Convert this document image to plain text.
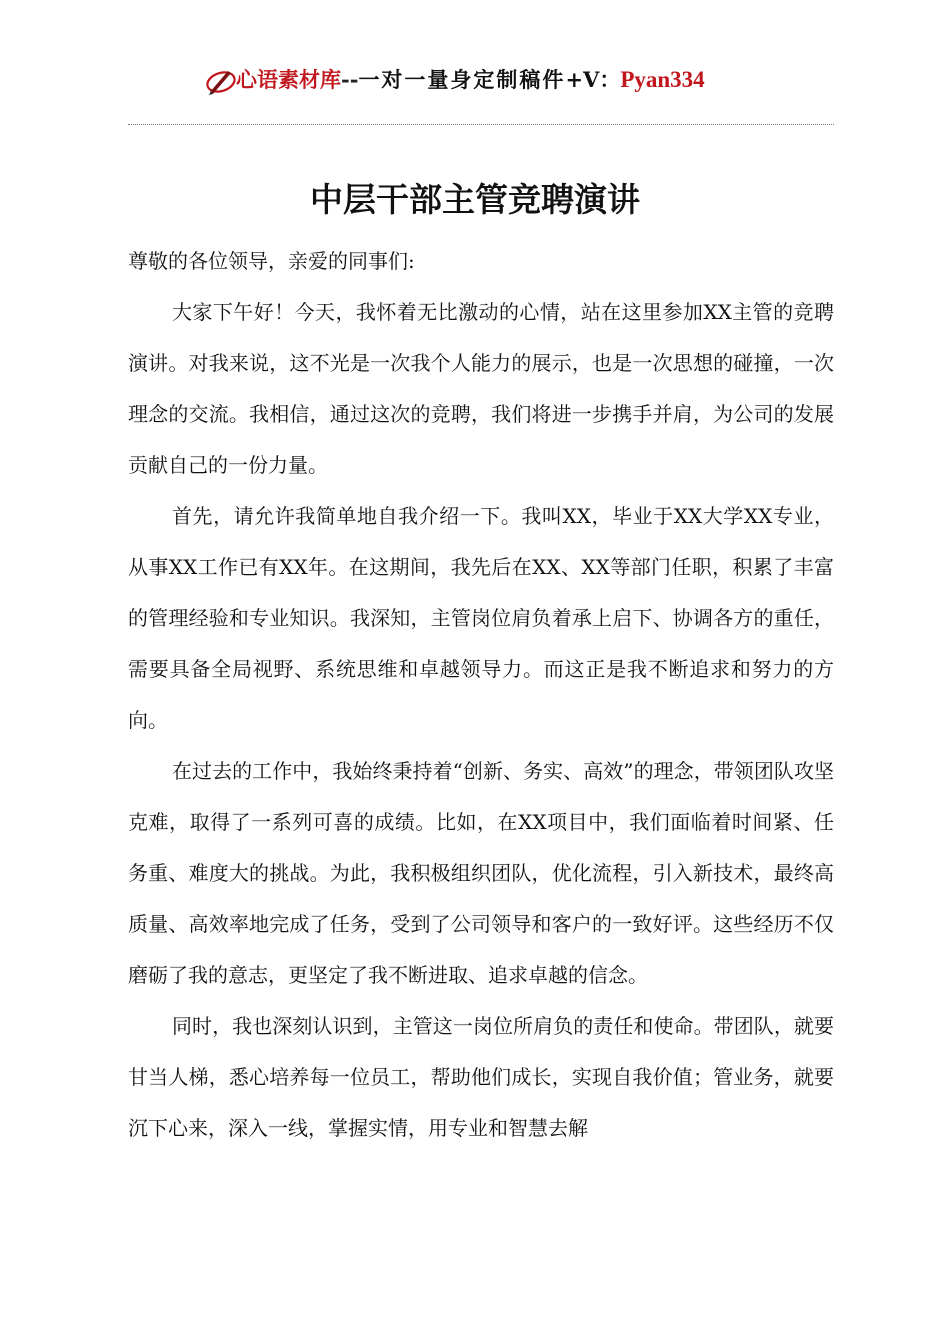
心语素材库--一对一量身定制稿件+V：Pyan334
中层干部主管竞聘演讲

尊敬的各位领导，亲爱的同事们:

大家下午好！今天，我怀着无比激动的心情，站在这里参加XX主管的竞聘演讲。对我来说，这不光是一次我个人能力的展示，也是一次思想的碰撞，一次理念的交流。我相信，通过这次的竞聘，我们将进一步携手并肩，为公司的发展贡献自己的一份力量。

首先，请允许我简单地自我介绍一下。我叫XX，毕业于XX大学XX专业，从事XX工作已有XX年。在这期间，我先后在XX、XX等部门任职，积累了丰富的管理经验和专业知识。我深知，主管岗位肩负着承上启下、协调各方的重任，需要具备全局视野、系统思维和卓越领导力。而这正是我不断追求和努力的方向。

在过去的工作中，我始终秉持着“创新、务实、高效”的理念，带领团队攻坚克难，取得了一系列可喜的成绩。比如，在XX项目中，我们面临着时间紧、任务重、难度大的挑战。为此，我积极组织团队，优化流程，引入新技术，最终高质量、高效率地完成了任务，受到了公司领导和客户的一致好评。这些经历不仅磨砺了我的意志，更坚定了我不断进取、追求卓越的信念。

同时，我也深刻认识到，主管这一岗位所肩负的责任和使命。带团队，就要甘当人梯，悉心培养每一位员工，帮助他们成长，实现自我价值；管业务，就要沉下心来，深入一线，掌握实情，用专业和智慧去解
